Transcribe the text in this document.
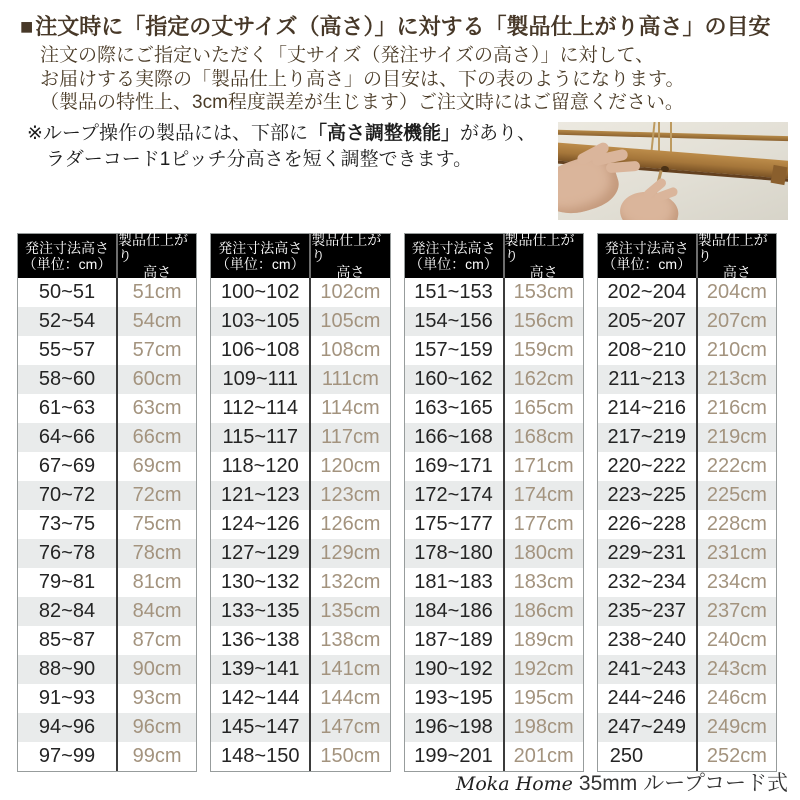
■注文時に「指定の丈サイズ（高さ）」に対する「製品仕上がり高さ」の目安
注文の際にご指定いただく「丈サイズ（発注サイズの高さ）」に対して、
お届けする実際の「製品仕上り高さ」の目安は、下の表のようになります。
（製品の特性上、3cm程度誤差が生じます）ご注文時にはご留意ください。
※ループ操作の製品には、下部に「高さ調整機能」があり、
ラダーコード1ピッチ分高さを短く調整できます。
発注寸法高さ
（単位：cm）
製品仕上がり
高さ
50~51	51cm
52~54	54cm
55~57	57cm
58~60	60cm
61~63	63cm
64~66	66cm
67~69	69cm
70~72	72cm
73~75	75cm
76~78	78cm
79~81	81cm
82~84	84cm
85~87	87cm
88~90	90cm
91~93	93cm
94~96	96cm
97~99	99cm
発注寸法高さ
（単位：cm）
製品仕上がり
高さ
100~102	102cm
103~105	105cm
106~108	108cm
109~111	111cm
112~114	114cm
115~117	117cm
118~120	120cm
121~123	123cm
124~126	126cm
127~129	129cm
130~132	132cm
133~135	135cm
136~138	138cm
139~141	141cm
142~144	144cm
145~147	147cm
148~150	150cm
発注寸法高さ
（単位：cm）
製品仕上がり
高さ
151~153	153cm
154~156	156cm
157~159	159cm
160~162	162cm
163~165	165cm
166~168	168cm
169~171	171cm
172~174	174cm
175~177	177cm
178~180	180cm
181~183	183cm
184~186	186cm
187~189	189cm
190~192	192cm
193~195	195cm
196~198	198cm
199~201	201cm
発注寸法高さ
（単位：cm）
製品仕上がり
高さ
202~204	204cm
205~207	207cm
208~210	210cm
211~213	213cm
214~216	216cm
217~219	219cm
220~222	222cm
223~225	225cm
226~228	228cm
229~231	231cm
232~234	234cm
235~237	237cm
238~240	240cm
241~243	243cm
244~246	246cm
247~249	249cm
250	252cm
Moka Home 35mm ループコード式
